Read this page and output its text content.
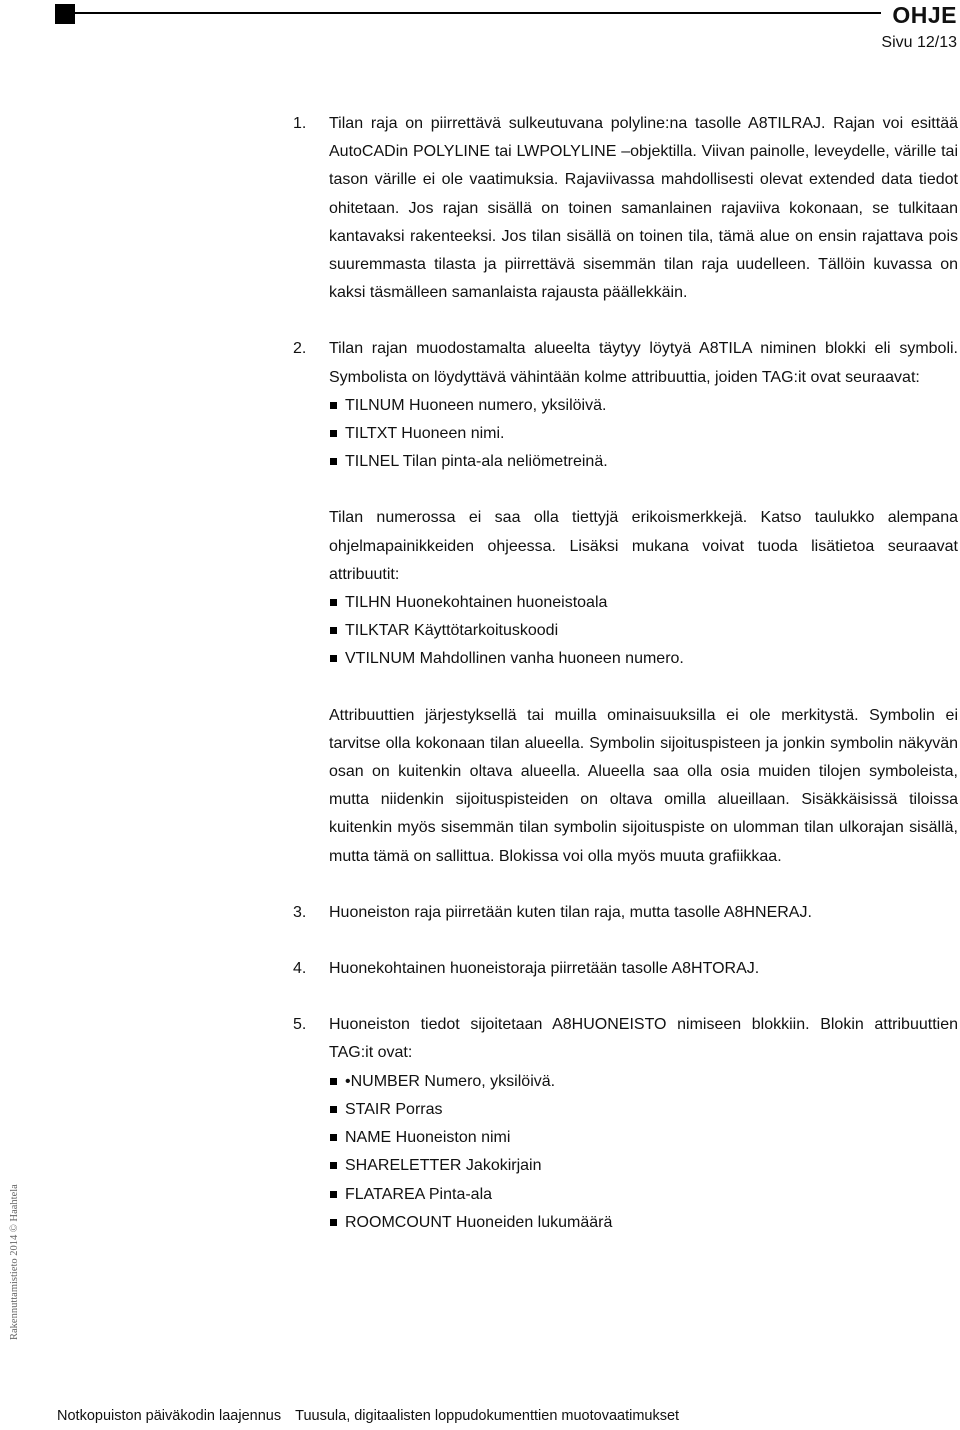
OHJE
Sivu 12/13
Rakennuttamistieto 2014 © Haahtela
1.	Tilan raja on piirrettävä sulkeutuvana polyline:na tasolle A8TILRAJ. Rajan voi esittää AutoCADin POLYLINE tai LWPOLYLINE –objektilla. Viivan painolle, leveydelle, värille tai tason värille ei ole vaatimuksia. Rajaviivassa mahdollisesti olevat extended data tiedot ohitetaan. Jos rajan sisällä on toinen samanlainen rajaviiva kokonaan, se tulkitaan kantavaksi rakenteeksi. Jos tilan sisällä on toinen tila, tämä alue on ensin rajattava pois suuremmasta tilasta ja piirrettävä sisemmän tilan raja uudelleen. Tällöin kuvassa on kaksi täsmälleen samanlaista rajausta päällekkäin.
2.	Tilan rajan muodostamalta alueelta täytyy löytyä A8TILA niminen blokki eli symboli. Symbolista on löydyttävä vähintään kolme attribuuttia, joiden TAG:it ovat seuraavat:
TILNUM Huoneen numero, yksilöivä.
TILTXT Huoneen nimi.
TILNEL Tilan pinta-ala neliömetreinä.
Tilan numerossa ei saa olla tiettyjä erikoismerkkejä. Katso taulukko alempana ohjelmapainikkeiden ohjeessa. Lisäksi mukana voivat tuoda lisätietoa seuraavat attribuutit:
TILHN Huonekohtainen huoneistoala
TILKTAR Käyttötarkoituskoodi
VTILNUM Mahdollinen vanha huoneen numero.
Attribuuttien järjestyksellä tai muilla ominaisuuksilla ei ole merkitystä. Symbolin ei tarvitse olla kokonaan tilan alueella. Symbolin sijoituspisteen ja jonkin symbolin näkyvän osan on kuitenkin oltava alueella. Alueella saa olla osia muiden tilojen symboleista, mutta niidenkin sijoituspisteiden on oltava omilla alueillaan. Sisäkkäisissä tiloissa kuitenkin myös sisemmän tilan symbolin sijoituspiste on ulomman tilan ulkorajan sisällä, mutta tämä on sallittua. Blokissa voi olla myös muuta grafiikkaa.
3.	Huoneiston raja piirretään kuten tilan raja, mutta tasolle A8HNERAJ.
4.	Huonekohtainen huoneistoraja piirretään tasolle A8HTORAJ.
5.	Huoneiston tiedot sijoitetaan A8HUONEISTO nimiseen blokkiin. Blokin attribuuttien TAG:it ovat:
•NUMBER Numero, yksilöivä.
STAIR Porras
NAME Huoneiston nimi
SHARELETTER Jakokirjain
FLATAREA Pinta-ala
ROOMCOUNT Huoneiden lukumäärä
Notkopuiston päiväkodin laajennus Tuusula, digitaalisten loppudokumenttien muotovaatimukset
